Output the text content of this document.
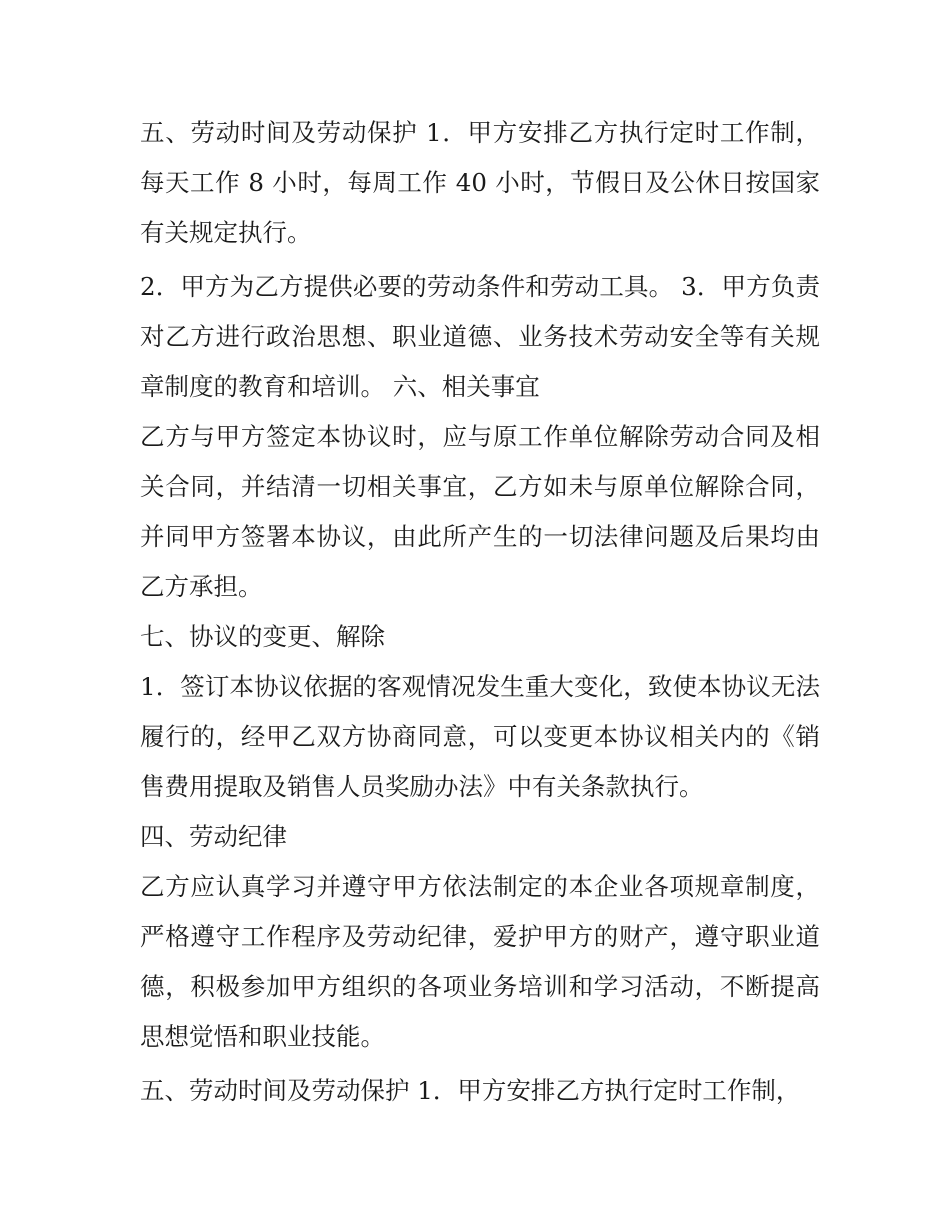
五、劳动时间及劳动保护 1．甲方安排乙方执行定时工作制，每天工作 8 小时，每周工作 40 小时，节假日及公休日按国家有关规定执行。

2．甲方为乙方提供必要的劳动条件和劳动工具。 3．甲方负责对乙方进行政治思想、职业道德、业务技术劳动安全等有关规章制度的教育和培训。 六、相关事宜

乙方与甲方签定本协议时，应与原工作单位解除劳动合同及相关合同，并结清一切相关事宜，乙方如未与原单位解除合同，并同甲方签署本协议，由此所产生的一切法律问题及后果均由乙方承担。

七、协议的变更、解除

1．签订本协议依据的客观情况发生重大变化，致使本协议无法履行的，经甲乙双方协商同意，可以变更本协议相关内的《销售费用提取及销售人员奖励办法》中有关条款执行。

四、劳动纪律

乙方应认真学习并遵守甲方依法制定的本企业各项规章制度，严格遵守工作程序及劳动纪律，爱护甲方的财产，遵守职业道德，积极参加甲方组织的各项业务培训和学习活动，不断提高思想觉悟和职业技能。

五、劳动时间及劳动保护 1．甲方安排乙方执行定时工作制，
